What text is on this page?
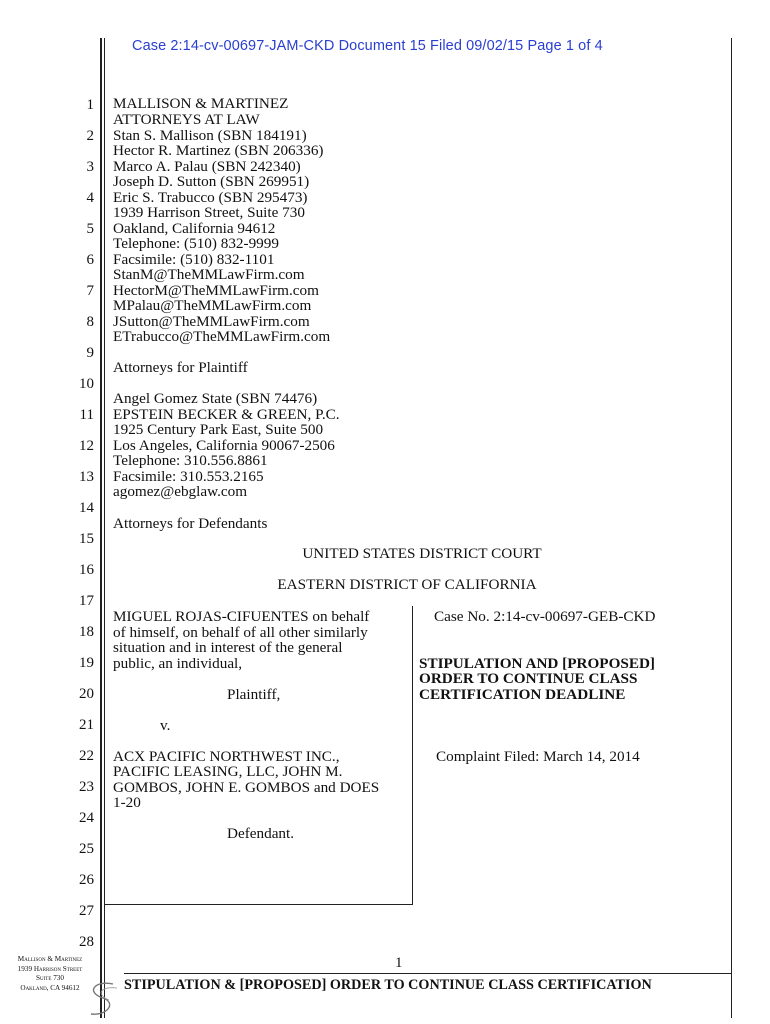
Case 2:14-cv-00697-JAM-CKD Document 15 Filed 09/02/15 Page 1 of 4
1
2
3
4
5
6
7
8
9
10
11
12
13
14
15
16
17
18
19
20
21
22
23
24
25
26
27
28
MALLISON & MARTINEZ
ATTORNEYS AT LAW
Stan S. Mallison (SBN 184191)
Hector R. Martinez (SBN 206336)
Marco A. Palau (SBN 242340)
Joseph D. Sutton (SBN 269951)
Eric S. Trabucco (SBN 295473)
1939 Harrison Street, Suite 730
Oakland, California 94612
Telephone: (510) 832-9999
Facsimile: (510) 832-1101
StanM@TheMMLawFirm.com
HectorM@TheMMLawFirm.com
MPalau@TheMMLawFirm.com
JSutton@TheMMLawFirm.com
ETrabucco@TheMMLawFirm.com
Attorneys for Plaintiff
Angel Gomez State (SBN 74476)
EPSTEIN BECKER & GREEN, P.C.
1925 Century Park East, Suite 500
Los Angeles, California 90067-2506
Telephone: 310.556.8861
Facsimile: 310.553.2165
agomez@ebglaw.com
Attorneys for Defendants
UNITED STATES DISTRICT COURT
EASTERN DISTRICT OF CALIFORNIA
MIGUEL ROJAS-CIFUENTES on behalf
of himself, on behalf of all other similarly
situation and in interest of the general
public, an individual,
Plaintiff,
v.
ACX PACIFIC NORTHWEST INC.,
PACIFIC LEASING, LLC, JOHN M.
GOMBOS, JOHN E. GOMBOS and DOES
1-20
Defendant.
Case No. 2:14-cv-00697-GEB-CKD
STIPULATION AND [PROPOSED]
ORDER TO CONTINUE CLASS
CERTIFICATION DEADLINE
Complaint Filed: March 14, 2014
Mallison & Martinez
1939 Harrison Street
Suite 730
Oakland, CA 94612
1
STIPULATION & [PROPOSED] ORDER TO CONTINUE CLASS CERTIFICATION
